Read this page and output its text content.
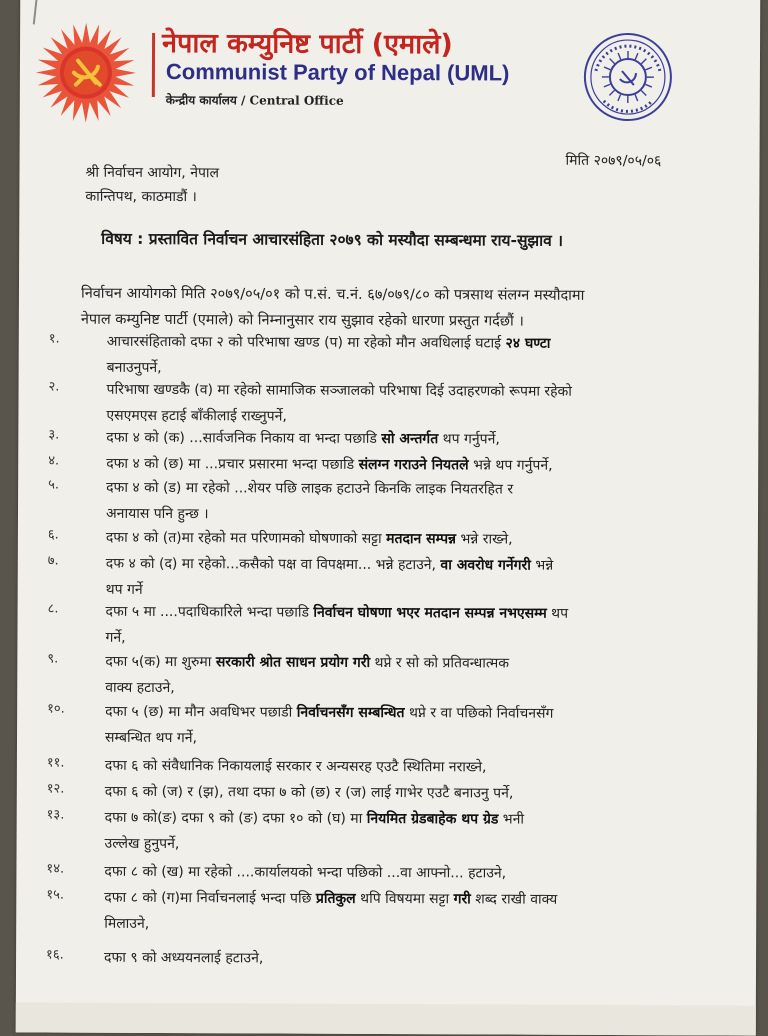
नेपाल कम्युनिष्ट पार्टी (एमाले)
Communist Party of Nepal (UML)
केन्द्रीय कार्यालय / Central Office
मिति २०७९/०५/०६
श्री निर्वाचन आयोग, नेपाल
कान्तिपथ, काठमाडौं ।
विषय : प्रस्तावित निर्वाचन आचारसंहिता २०७९ को मस्यौदा सम्बन्धमा राय-सुझाव ।
निर्वाचन आयोगको मिति २०७९/०५/०१ को प.सं. च.नं. ६७/०७९/८० को पत्रसाथ संलग्न मस्यौदामा
नेपाल कम्युनिष्ट पार्टी (एमाले) को निम्नानुसार राय सुझाव रहेको धारणा प्रस्तुत गर्दछौं ।
१.	आचारसंहिताको दफा २ को परिभाषा खण्ड (प) मा रहेको मौन अवधिलाई घटाई २४ घण्टा
बनाउनुपर्ने,
२.	परिभाषा खण्डकै (व) मा रहेको सामाजिक सञ्जालको परिभाषा दिई उदाहरणको रूपमा रहेको
एसएमएस हटाई बाँकीलाई राख्नुपर्ने,
३.	दफा ४ को (क) ...सार्वजनिक निकाय वा भन्दा पछाडि सो अन्तर्गत थप गर्नुपर्ने,
४.	दफा ४ को (छ) मा ...प्रचार प्रसारमा भन्दा पछाडि संलग्न गराउने नियतले भन्ने थप गर्नुपर्ने,
५.	दफा ४ को (ड) मा रहेको ...शेयर पछि लाइक हटाउने किनकि लाइक नियतरहित र
अनायास पनि हुन्छ ।
६.	दफा ४ को (त)मा रहेको मत परिणामको घोषणाको सट्टा मतदान सम्पन्न भन्ने राख्ने,
७.	दफ ४ को (द) मा रहेको...कसैको पक्ष वा विपक्षमा... भन्ने हटाउने, वा अवरोध गर्नेगरी भन्ने
थप गर्ने
८.	दफा ५ मा ....पदाधिकारिले भन्दा पछाडि निर्वाचन घोषणा भएर मतदान सम्पन्न नभएसम्म थप
गर्ने,
९.	दफा ५(क) मा शुरुमा सरकारी श्रोत साधन प्रयोग गरी थप्ने र सो को प्रतिवन्धात्मक
वाक्य हटाउने,
१०.	दफा ५ (छ) मा मौन अवधिभर पछाडी निर्वाचनसँग सम्बन्धित थप्ने र वा पछिको निर्वाचनसँग
सम्बन्धित थप गर्ने,
११.	दफा ६ को संवैधानिक निकायलाई सरकार र अन्यसरह एउटै स्थितिमा नराख्ने,
१२.	दफा ६ को (ज) र (झ), तथा दफा ७ को (छ) र (ज) लाई गाभेर एउटै बनाउनु पर्ने,
१३.	दफा ७ को(ङ) दफा ९ को (ङ) दफा १० को (घ) मा नियमित ग्रेडबाहेक थप ग्रेड भनी
उल्लेख हुनुपर्ने,
१४.	दफा ८ को (ख) मा रहेको ....कार्यालयको भन्दा पछिको ...वा आफ्नो... हटाउने,
१५.	दफा ८ को (ग)मा निर्वाचनलाई भन्दा पछि प्रतिकुल थपि विषयमा सट्टा गरी शब्द राखी वाक्य
मिलाउने,
१६.	दफा ९ को अध्ययनलाई हटाउने,
